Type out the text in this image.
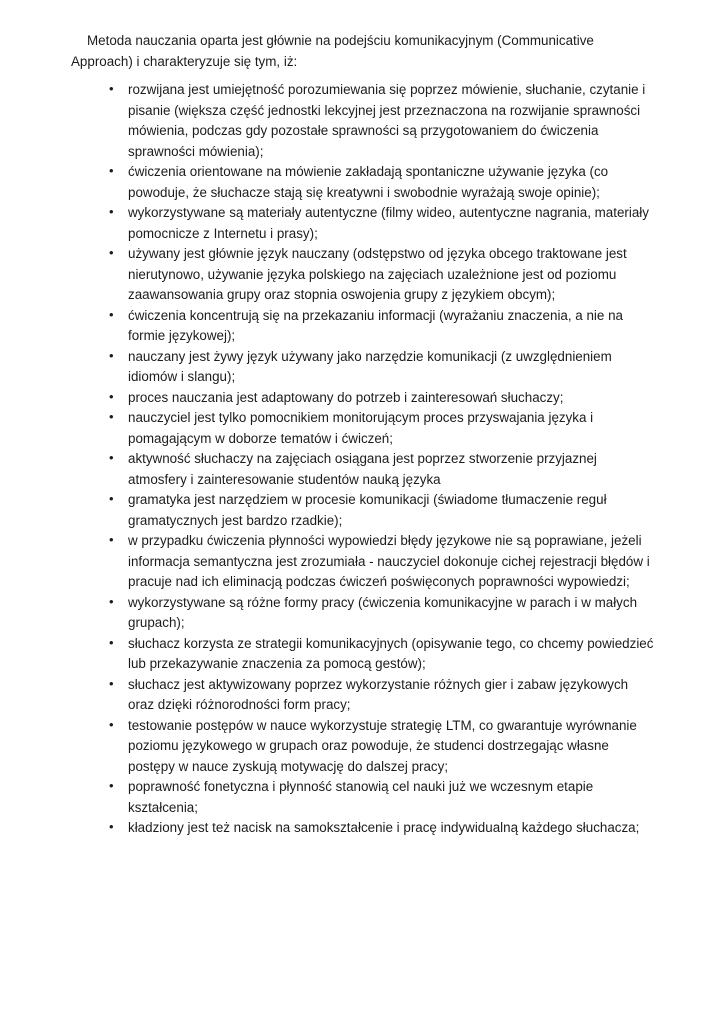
Metoda nauczania oparta jest głównie na podejściu komunikacyjnym (Communicative Approach) i charakteryzuje się tym, iż:

• rozwijana jest umiejętność porozumiewania się poprzez mówienie, słuchanie, czytanie i pisanie (większa część jednostki lekcyjnej jest przeznaczona na rozwijanie sprawności mówienia, podczas gdy pozostałe sprawności są przygotowaniem do ćwiczenia sprawności mówienia);
• ćwiczenia orientowane na mówienie zakładają spontaniczne używanie języka (co powoduje, że słuchacze stają się kreatywni i swobodnie wyrażają swoje opinie);
• wykorzystywane są materiały autentyczne (filmy wideo, autentyczne nagrania, materiały pomocnicze z Internetu i prasy);
• używany jest głównie język nauczany (odstępstwo od języka obcego traktowane jest nierutynowo, używanie języka polskiego na zajęciach uzależnione jest od poziomu zaawansowania grupy oraz stopnia oswojenia grupy z językiem obcym);
• ćwiczenia koncentrują się na przekazaniu informacji (wyrażaniu znaczenia, a nie na formie językowej);
• nauczany jest żywy język używany jako narzędzie komunikacji (z uwzględnieniem idiomów i slangu);
• proces nauczania jest adaptowany do potrzeb i zainteresowań słuchaczy;
• nauczyciel jest tylko pomocnikiem monitorującym proces przyswajania języka i pomagającym w doborze tematów i ćwiczeń;
• aktywność słuchaczy na zajęciach osiągana jest poprzez stworzenie przyjaznej atmosfery i zainteresowanie studentów nauką języka
• gramatyka jest narzędziem w procesie komunikacji (świadome tłumaczenie reguł gramatycznych jest bardzo rzadkie);
• w przypadku ćwiczenia płynności wypowiedzi błędy językowe nie są poprawiane, jeżeli informacja semantyczna jest zrozumiała - nauczyciel dokonuje cichej rejestracji błędów i pracuje nad ich eliminacją podczas ćwiczeń poświęconych poprawności wypowiedzi;
• wykorzystywane są różne formy pracy (ćwiczenia komunikacyjne w parach i w małych grupach);
• słuchacz korzysta ze strategii komunikacyjnych (opisywanie tego, co chcemy powiedzieć lub przekazywanie znaczenia za pomocą gestów);
• słuchacz jest aktywizowany poprzez wykorzystanie różnych gier i zabaw językowych oraz dzięki różnorodności form pracy;
• testowanie postępów w nauce wykorzystuje strategię LTM, co gwarantuje wyrównanie poziomu językowego w grupach oraz powoduje, że studenci dostrzegając własne postępy w nauce zyskują motywację do dalszej pracy;
• poprawność fonetyczna i płynność stanowią cel nauki już we wczesnym etapie kształcenia;
• kładziony jest też nacisk na samokształcenie i pracę indywidualną każdego słuchacza;
